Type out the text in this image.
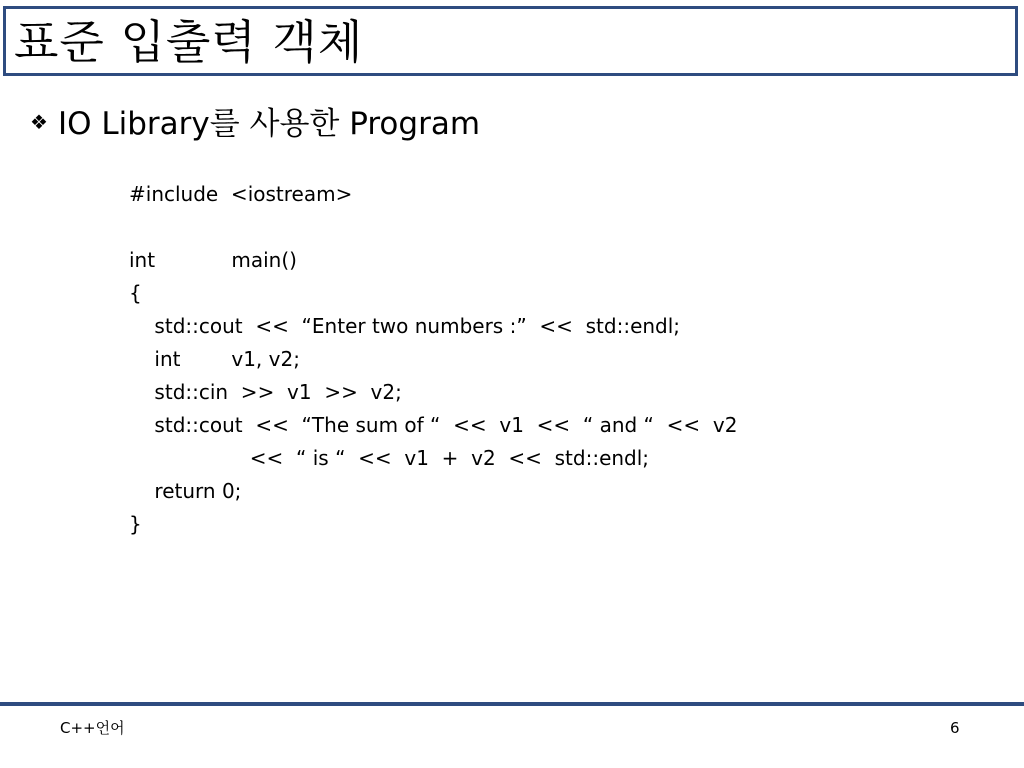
표준 입출력 객체
❖ IO Library를 사용한 Program
#include  <iostream>
int            main()
{
std::cout  <<  “Enter two numbers :”  <<  std::endl;
int        v1, v2;
std::cin  >>  v1  >>  v2;
std::cout  <<  “The sum of “  <<  v1  <<  “ and “  <<  v2
<<  “ is “  <<  v1  +  v2  <<  std::endl;
return 0;
}
C++언어	6
